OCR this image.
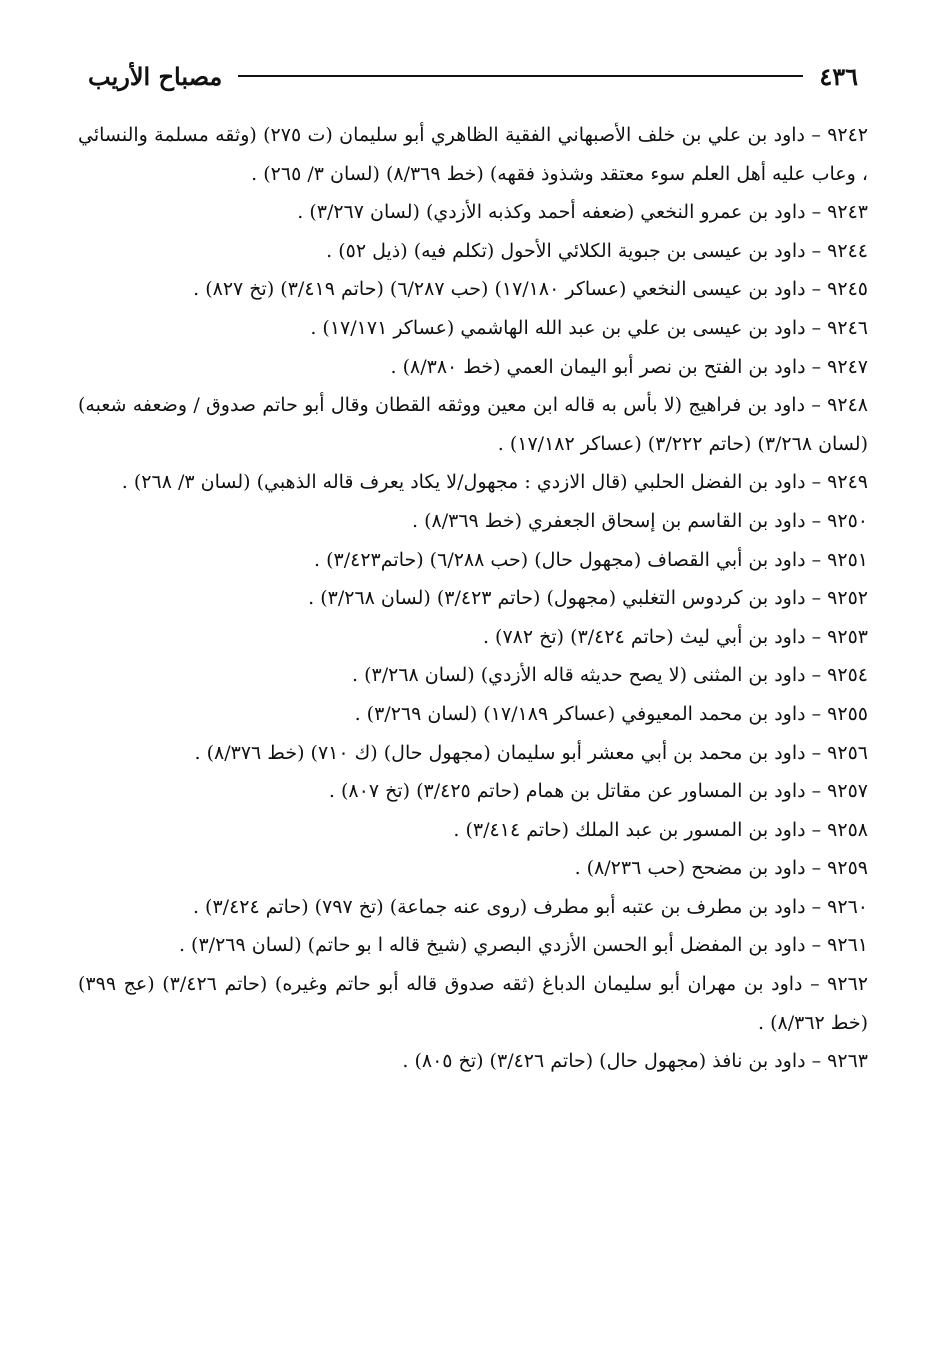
٤٣٦
مصباح الأريب

٩٢٤٢ – داود بن علي بن خلف الأصبهاني الفقية الظاهري أبو سليمان (ت ٢٧٥) (وثقه مسلمة والنسائي ، وعاب عليه أهل العلم سوء معتقد وشذوذ فقهه) (خط ٨/٣٦٩) (لسان ٣/ ٢٦٥) .

٩٢٤٣ – داود بن عمرو النخعي (ضعفه أحمد وكذبه الأزدي) (لسان ٣/٢٦٧) .

٩٢٤٤ – داود بن عيسى بن جبوية الكلائي الأحول (تكلم فيه) (ذيل ٥٢) .

٩٢٤٥ – داود بن عيسى النخعي (عساكر ١٧/١٨٠) (حب ٦/٢٨٧) (حاتم ٣/٤١٩) (تخ ٨٢٧) .

٩٢٤٦ – داود بن عيسى بن علي بن عبد الله الهاشمي (عساكر ١٧/١٧١) .

٩٢٤٧ – داود بن الفتح بن نصر أبو اليمان العمي (خط ٨/٣٨٠) .

٩٢٤٨ – داود بن فراهيج (لا بأس به قاله ابن معين ووثقه القطان وقال أبو حاتم صدوق / وضعفه شعبه) (لسان ٣/٢٦٨) (حاتم ٣/٢٢٢) (عساكر ١٧/١٨٢) .

٩٢٤٩ – داود بن الفضل الحلبي (قال الازدي : مجهول/لا يكاد يعرف قاله الذهبي) (لسان ٣/ ٢٦٨) .

٩٢٥٠ – داود بن القاسم بن إسحاق الجعفري (خط ٨/٣٦٩) .

٩٢٥١ – داود بن أبي القصاف (مجهول حال) (حب ٦/٢٨٨) (حاتم٣/٤٢٣) .

٩٢٥٢ – داود بن كردوس التغلبي (مجهول) (حاتم ٣/٤٢٣) (لسان ٣/٢٦٨) .

٩٢٥٣ – داود بن أبي ليث (حاتم ٣/٤٢٤) (تخ ٧٨٢) .

٩٢٥٤ – داود بن المثنى (لا يصح حديثه قاله الأزدي) (لسان ٣/٢٦٨) .

٩٢٥٥ – داود بن محمد المعيوفي (عساكر ١٧/١٨٩) (لسان ٣/٢٦٩) .

٩٢٥٦ – داود بن محمد بن أبي معشر أبو سليمان (مجهول حال) (ك ٧١٠) (خط ٨/٣٧٦) .

٩٢٥٧ – داود بن المساور عن مقاتل بن همام (حاتم ٣/٤٢٥) (تخ ٨٠٧) .

٩٢٥٨ – داود بن المسور بن عبد الملك (حاتم ٣/٤١٤) .

٩٢٥٩ – داود بن مضحح (حب ٨/٢٣٦) .

٩٢٦٠ – داود بن مطرف بن عتبه أبو مطرف (روى عنه جماعة) (تخ ٧٩٧) (حاتم ٣/٤٢٤) .

٩٢٦١ – داود بن المفضل أبو الحسن الأزدي البصري (شيخ قاله ا بو حاتم) (لسان ٣/٢٦٩) .

٩٢٦٢ – داود بن مهران أبو سليمان الدباغ (ثقه صدوق قاله أبو حاتم وغيره) (حاتم ٣/٤٢٦) (عج ٣٩٩) (خط ٨/٣٦٢) .

٩٢٦٣ – داود بن نافذ (مجهول حال) (حاتم ٣/٤٢٦) (تخ ٨٠٥) .
